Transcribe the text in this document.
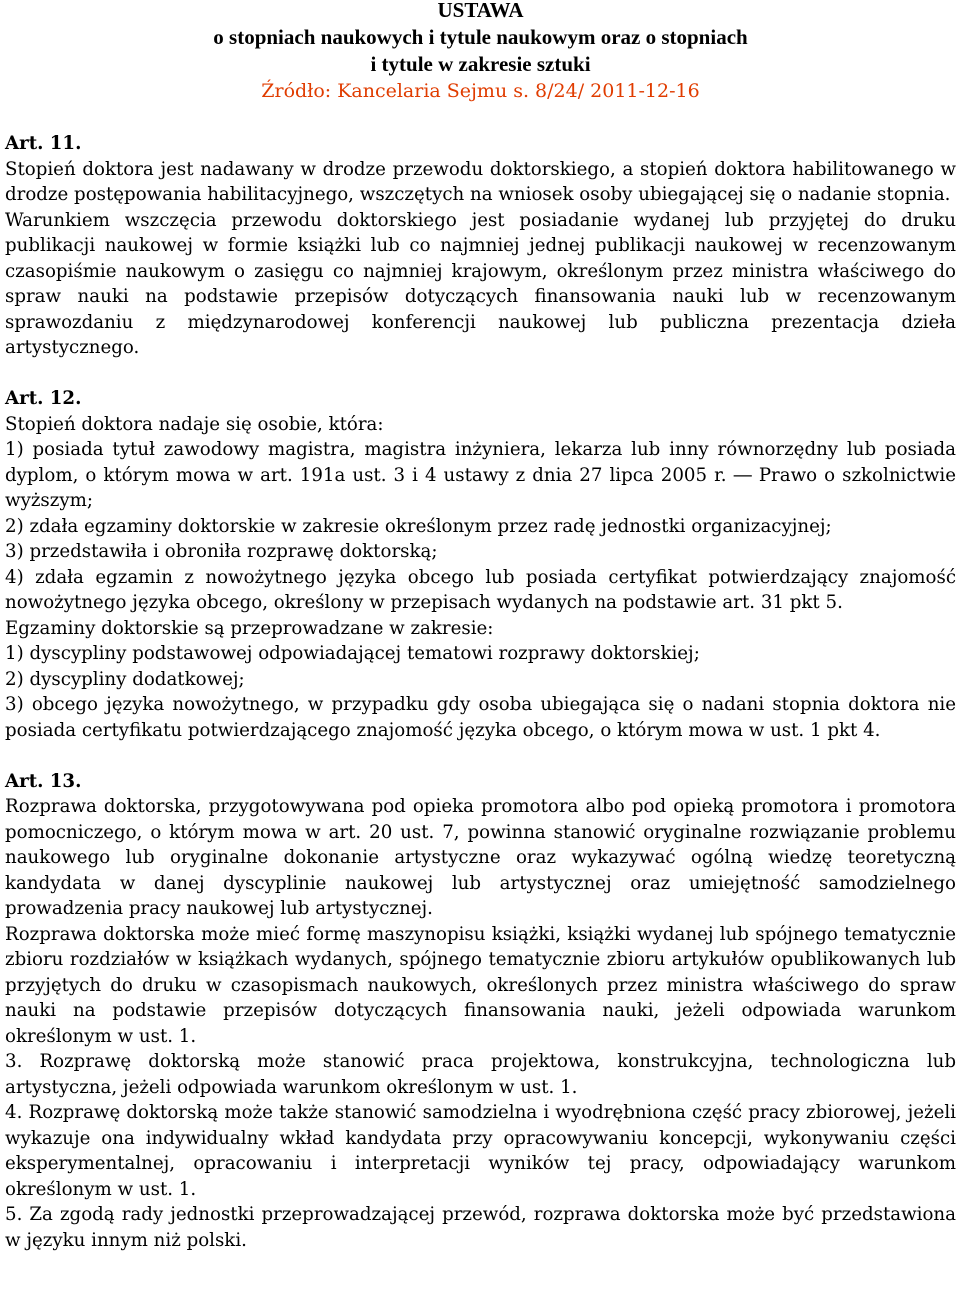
USTAWA
o stopniach naukowych i tytule naukowym oraz o stopniach
i tytule w zakresie sztuki
Źródło: Kancelaria Sejmu s. 8/24/ 2011-12-16
Art. 11.

Stopień doktora jest nadawany w drodze przewodu doktorskiego, a stopień doktora habilitowanego w drodze postępowania habilitacyjnego, wszczętych na wniosek osoby ubiegającej się o nadanie stopnia.

Warunkiem wszczęcia przewodu doktorskiego jest posiadanie wydanej lub przyjętej do druku publikacji naukowej w formie książki lub co najmniej jednej publikacji naukowej w recenzowanym czasopiśmie naukowym o zasięgu co najmniej krajowym, określonym przez ministra właściwego do spraw nauki na podstawie przepisów dotyczących finansowania nauki lub w recenzowanym sprawozdaniu z międzynarodowej konferencji naukowej lub publiczna prezentacja dzieła artystycznego.

Art. 12.

Stopień doktora nadaje się osobie, która:

1) posiada tytuł zawodowy magistra, magistra inżyniera, lekarza lub inny równorzędny lub posiada dyplom, o którym mowa w art. 191a ust. 3 i 4 ustawy z dnia 27 lipca 2005 r. ― Prawo o szkolnictwie wyższym;

2) zdała egzaminy doktorskie w zakresie określonym przez radę jednostki organizacyjnej;

3) przedstawiła i obroniła rozprawę doktorską;

4) zdała egzamin z nowożytnego języka obcego lub posiada certyfikat potwierdzający znajomość nowożytnego języka obcego, określony w przepisach wydanych na podstawie art. 31 pkt 5.

Egzaminy doktorskie są przeprowadzane w zakresie:

1) dyscypliny podstawowej odpowiadającej tematowi rozprawy doktorskiej;

2) dyscypliny dodatkowej;

3) obcego języka nowożytnego, w przypadku gdy osoba ubiegająca się o nadani stopnia doktora nie posiada certyfikatu potwierdzającego znajomość języka obcego, o którym mowa w ust. 1 pkt 4.

Art. 13.

Rozprawa doktorska, przygotowywana pod opieka promotora albo pod opieką promotora i promotora pomocniczego, o którym mowa w art. 20 ust. 7, powinna stanowić oryginalne rozwiązanie problemu naukowego lub oryginalne dokonanie artystyczne oraz wykazywać ogólną wiedzę teoretyczną kandydata w danej dyscyplinie naukowej lub artystycznej oraz umiejętność samodzielnego prowadzenia pracy naukowej lub artystycznej.

Rozprawa doktorska może mieć formę maszynopisu książki, książki wydanej lub spójnego tematycznie zbioru rozdziałów w książkach wydanych, spójnego tematycznie zbioru artykułów opublikowanych lub przyjętych do druku w czasopismach naukowych, określonych przez ministra właściwego do spraw nauki na podstawie przepisów dotyczących finansowania nauki, jeżeli odpowiada warunkom określonym w ust. 1.

3. Rozprawę doktorską może stanowić praca projektowa, konstrukcyjna, technologiczna lub artystyczna, jeżeli odpowiada warunkom określonym w ust. 1.

4. Rozprawę doktorską może także stanowić samodzielna i wyodrębniona część pracy zbiorowej, jeżeli wykazuje ona indywidualny wkład kandydata przy opracowywaniu koncepcji, wykonywaniu części eksperymentalnej, opracowaniu i interpretacji wyników tej pracy, odpowiadający warunkom określonym w ust. 1.

5. Za zgodą rady jednostki przeprowadzającej przewód, rozprawa doktorska może być przedstawiona w języku innym niż polski.
